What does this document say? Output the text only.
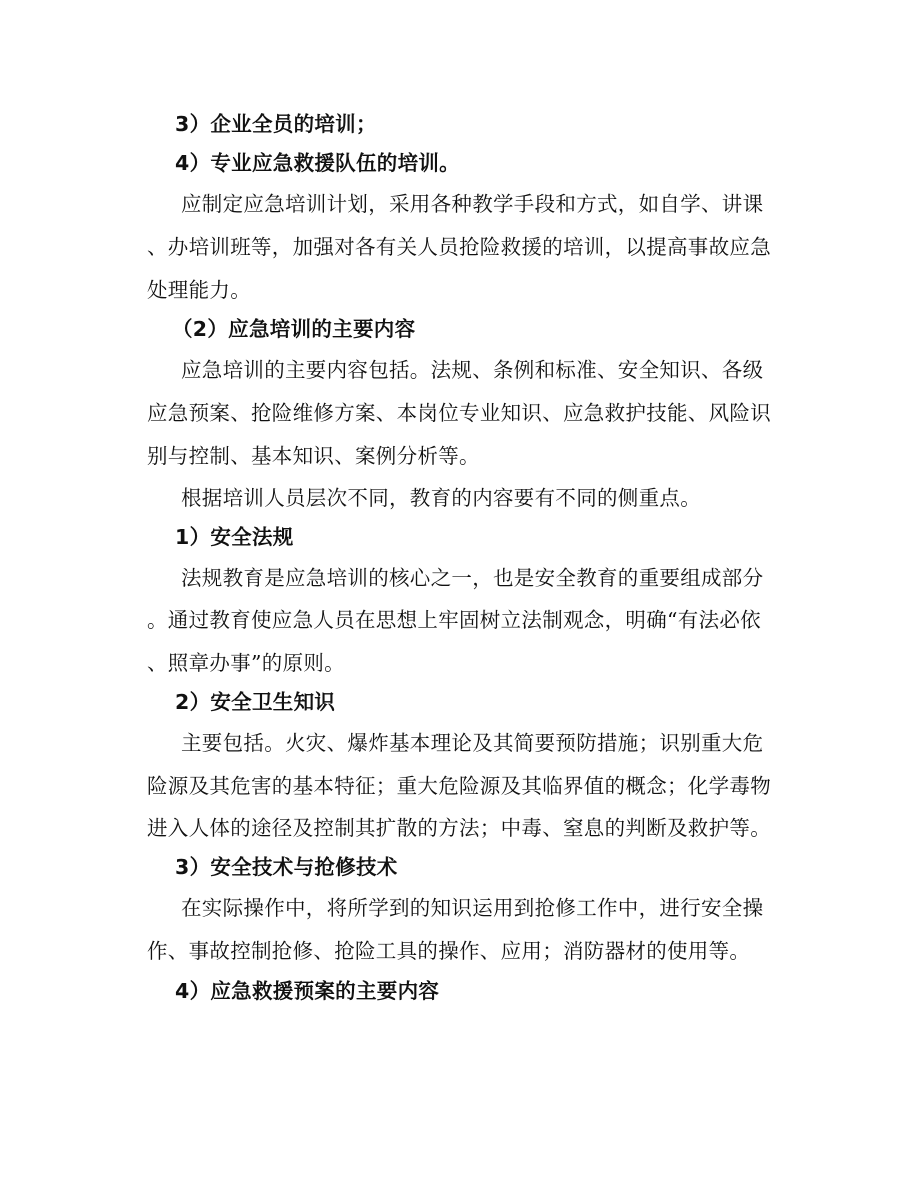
3）企业全员的培训；
4）专业应急救援队伍的培训。
应制定应急培训计划，采用各种教学手段和方式，如自学、讲课
、办培训班等，加强对各有关人员抢险救援的培训，以提高事故应急
处理能力。
（2）应急培训的主要内容
应急培训的主要内容包括。法规、条例和标准、安全知识、各级
应急预案、抢险维修方案、本岗位专业知识、应急救护技能、风险识
别与控制、基本知识、案例分析等。
根据培训人员层次不同，教育的内容要有不同的侧重点。
1）安全法规
法规教育是应急培训的核心之一，也是安全教育的重要组成部分
。通过教育使应急人员在思想上牢固树立法制观念，明确“有法必依
、照章办事”的原则。
2）安全卫生知识
主要包括。火灾、爆炸基本理论及其简要预防措施；识别重大危
险源及其危害的基本特征；重大危险源及其临界值的概念；化学毒物
进入人体的途径及控制其扩散的方法；中毒、窒息的判断及救护等。
3）安全技术与抢修技术
在实际操作中，将所学到的知识运用到抢修工作中，进行安全操
作、事故控制抢修、抢险工具的操作、应用；消防器材的使用等。
4）应急救援预案的主要内容
